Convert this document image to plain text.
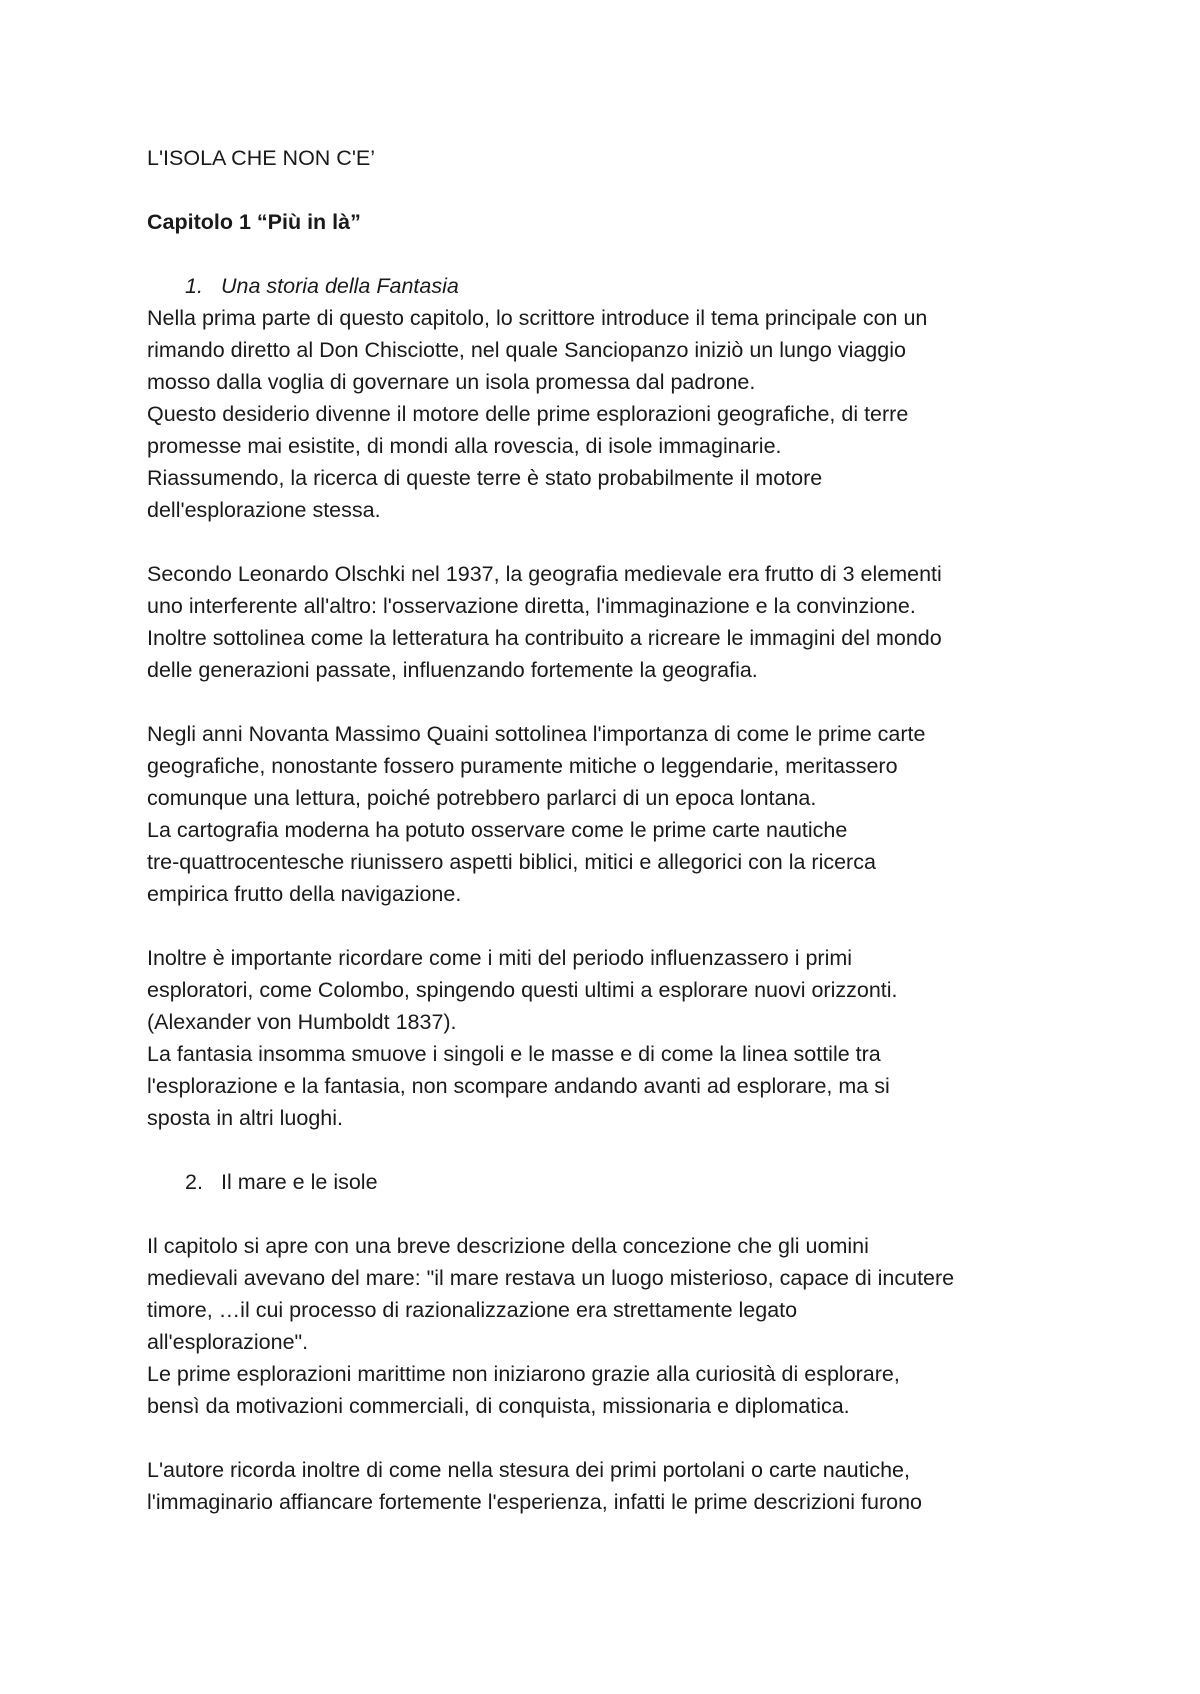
L'ISOLA CHE NON C'E’
Capitolo 1 “Più in là”
1. Una storia della Fantasia

Nella prima parte di questo capitolo, lo scrittore introduce il tema principale con un
rimando diretto al Don Chisciotte, nel quale Sanciopanzo iniziò un lungo viaggio
mosso dalla voglia di governare un isola promessa dal padrone.
Questo desiderio divenne il motore delle prime esplorazioni geografiche, di terre
promesse mai esistite, di mondi alla rovescia, di isole immaginarie.
Riassumendo, la ricerca di queste terre è stato probabilmente il motore
dell'esplorazione stessa.

Secondo Leonardo Olschki nel 1937, la geografia medievale era frutto di 3 elementi
uno interferente all'altro: l'osservazione diretta, l'immaginazione e la convinzione.
Inoltre sottolinea come la letteratura ha contribuito a ricreare le immagini del mondo
delle generazioni passate, influenzando fortemente la geografia.

Negli anni Novanta Massimo Quaini sottolinea l'importanza di come le prime carte
geografiche, nonostante fossero puramente mitiche o leggendarie, meritassero
comunque una lettura, poiché potrebbero parlarci di un epoca lontana.
La cartografia moderna ha potuto osservare come le prime carte nautiche
tre-quattrocentesche riunissero aspetti biblici, mitici e allegorici con la ricerca
empirica frutto della navigazione.

Inoltre è importante ricordare come i miti del periodo influenzassero i primi
esploratori, come Colombo, spingendo questi ultimi a esplorare nuovi orizzonti.
(Alexander von Humboldt 1837).
La fantasia insomma smuove i singoli e le masse e di come la linea sottile tra
l'esplorazione e la fantasia, non scompare andando avanti ad esplorare, ma si
sposta in altri luoghi.

2. Il mare e le isole

Il capitolo si apre con una breve descrizione della concezione che gli uomini
medievali avevano del mare: "il mare restava un luogo misterioso, capace di incutere
timore, …il cui processo di razionalizzazione era strettamente legato
all'esplorazione".
Le prime esplorazioni marittime non iniziarono grazie alla curiosità di esplorare,
bensì da motivazioni commerciali, di conquista, missionaria e diplomatica.

L'autore ricorda inoltre di come nella stesura dei primi portolani o carte nautiche,
l'immaginario affiancare fortemente l'esperienza, infatti le prime descrizioni furono
